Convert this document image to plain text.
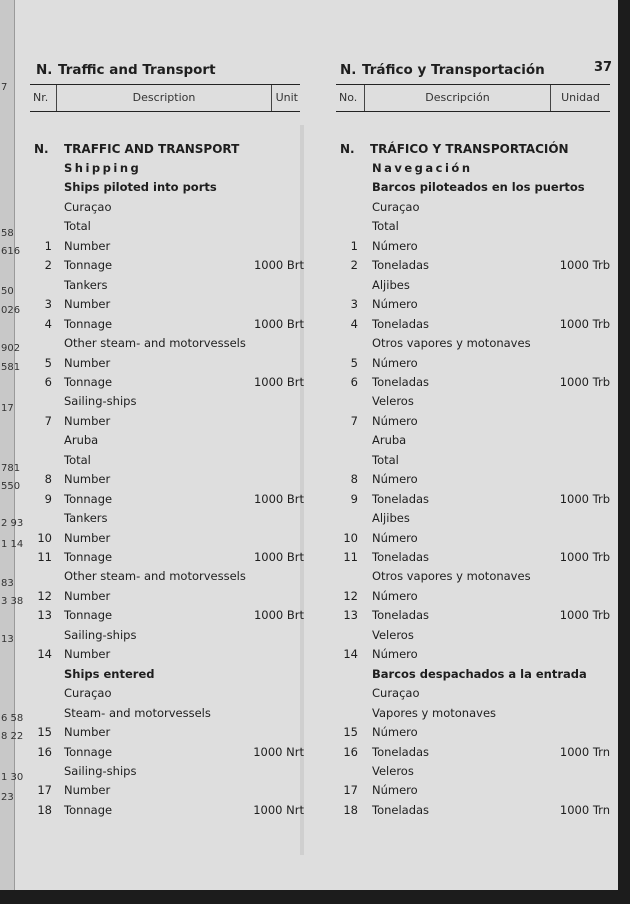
7
58
616
50
026
902
581
17
781
550
2 93
1 14
83
3 38
13
6 58
8 22
1 30
23
N. Traffic and Transport	N. Tráfico y Transportación	37
Nr.	Description	Unit	No.	Descripción	Unidad
N. TRAFFIC AND TRANSPORT	N. TRÁFICO Y TRANSPORTACIÓN
Shipping
Ships piloted into ports
Curaçao
Total
1 Number
2 Tonnage	1000 Brt
Tankers
3 Number
4 Tonnage	1000 Brt
Other steam- and motorvessels
5 Number
6 Tonnage	1000 Brt
Sailing-ships
7 Number
Aruba
Total
8 Number
9 Tonnage	1000 Brt
Tankers
10 Number
11 Tonnage	1000 Brt
Other steam- and motorvessels
12 Number
13 Tonnage	1000 Brt
Sailing-ships
14 Number
Ships entered
Curaçao
Steam- and motorvessels
15 Number
16 Tonnage	1000 Nrt
Sailing-ships
17 Number
18 Tonnage	1000 Nrt
Navegación
Barcos piloteados en los puertos
Curaçao
Total
1 Número
2 Toneladas	1000 Trb
Aljibes
3 Número
4 Toneladas	1000 Trb
Otros vapores y motonaves
5 Número
6 Toneladas	1000 Trb
Veleros
7 Número
Aruba
Total
8 Número
9 Toneladas	1000 Trb
Aljibes
10 Número
11 Toneladas	1000 Trb
Otros vapores y motonaves
12 Número
13 Toneladas	1000 Trb
Veleros
14 Número
Barcos despachados a la entrada
Curaçao
Vapores y motonaves
15 Número
16 Toneladas	1000 Trn
Veleros
17 Número
18 Toneladas	1000 Trn
